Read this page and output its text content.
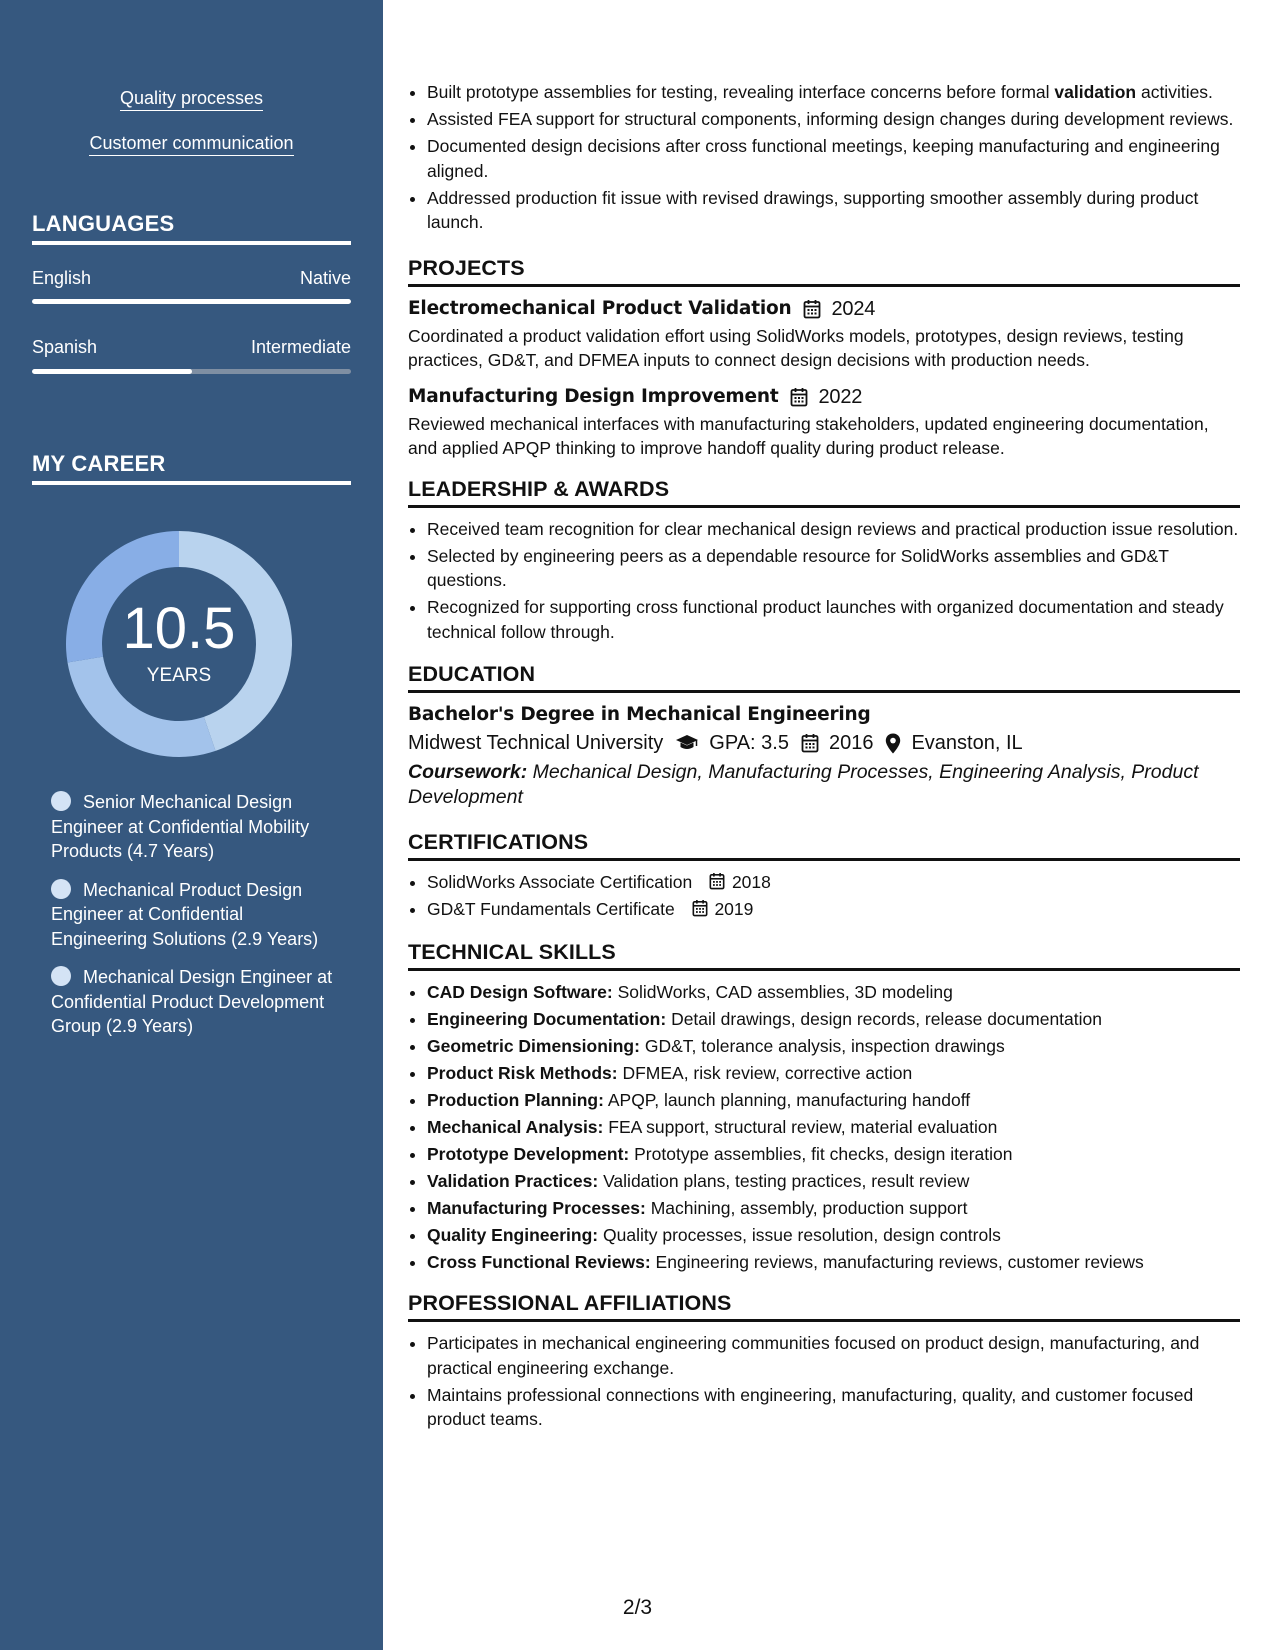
Quality processes
Customer communication
LANGUAGES
English	Native
Spanish	Intermediate
MY CAREER
10.5
YEARS
Senior Mechanical Design Engineer at Confidential Mobility Products (4.7 Years)
Mechanical Product Design Engineer at Confidential Engineering Solutions (2.9 Years)
Mechanical Design Engineer at Confidential Product Development Group (2.9 Years)
• Built prototype assemblies for testing, revealing interface concerns before formal validation activities.
• Assisted FEA support for structural components, informing design changes during development reviews.
• Documented design decisions after cross functional meetings, keeping manufacturing and engineering aligned.
• Addressed production fit issue with revised drawings, supporting smoother assembly during product launch.
PROJECTS
Electromechanical Product Validation 2024
Coordinated a product validation effort using SolidWorks models, prototypes, design reviews, testing practices, GD&T, and DFMEA inputs to connect design decisions with production needs.
Manufacturing Design Improvement 2022
Reviewed mechanical interfaces with manufacturing stakeholders, updated engineering documentation, and applied APQP thinking to improve handoff quality during product release.
LEADERSHIP & AWARDS
• Received team recognition for clear mechanical design reviews and practical production issue resolution.
• Selected by engineering peers as a dependable resource for SolidWorks assemblies and GD&T questions.
• Recognized for supporting cross functional product launches with organized documentation and steady technical follow through.
EDUCATION
Bachelor's Degree in Mechanical Engineering
Midwest Technical University GPA: 3.5 2016 Evanston, IL
Coursework: Mechanical Design, Manufacturing Processes, Engineering Analysis, Product Development
CERTIFICATIONS
• SolidWorks Associate Certification 2018
• GD&T Fundamentals Certificate 2019
TECHNICAL SKILLS
• CAD Design Software: SolidWorks, CAD assemblies, 3D modeling
• Engineering Documentation: Detail drawings, design records, release documentation
• Geometric Dimensioning: GD&T, tolerance analysis, inspection drawings
• Product Risk Methods: DFMEA, risk review, corrective action
• Production Planning: APQP, launch planning, manufacturing handoff
• Mechanical Analysis: FEA support, structural review, material evaluation
• Prototype Development: Prototype assemblies, fit checks, design iteration
• Validation Practices: Validation plans, testing practices, result review
• Manufacturing Processes: Machining, assembly, production support
• Quality Engineering: Quality processes, issue resolution, design controls
• Cross Functional Reviews: Engineering reviews, manufacturing reviews, customer reviews
PROFESSIONAL AFFILIATIONS
• Participates in mechanical engineering communities focused on product design, manufacturing, and practical engineering exchange.
• Maintains professional connections with engineering, manufacturing, quality, and customer focused product teams.
2/3
